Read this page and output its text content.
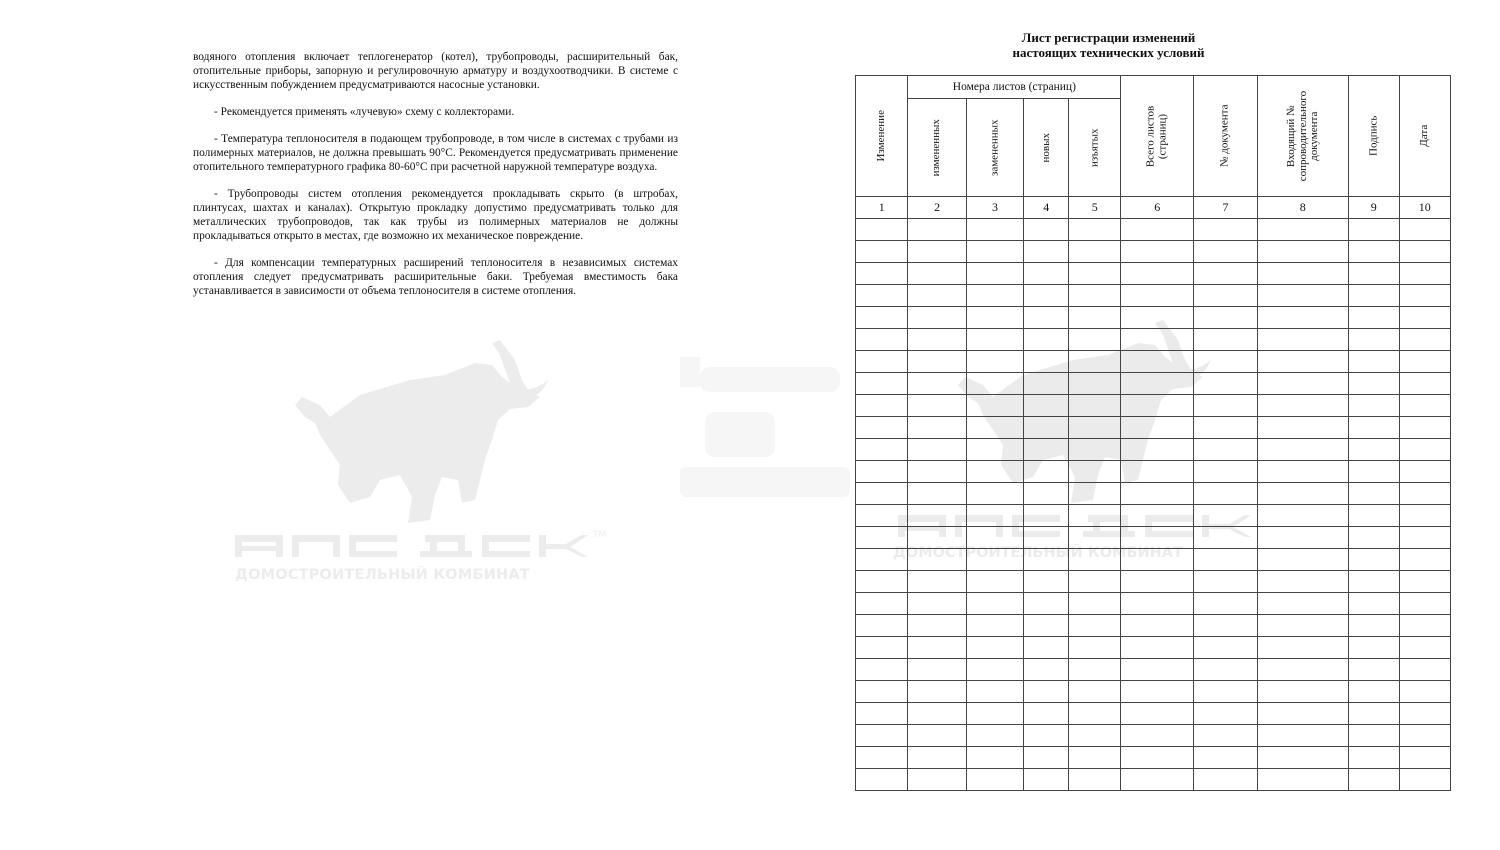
ДОМОСТРОИТЕЛЬНЫЙ КОМБИНАТ
TM

водяного отопления включает теплогенератор (котел), трубопроводы, расширительный бак, отопительные приборы, запорную и регулировочную арматуру и воздухоотводчики. В системе с искусственным побуждением предусматриваются насосные установки.

- Рекомендуется применять «лучевую» схему с коллекторами.

- Температура теплоносителя в подающем трубопроводе, в том числе в системах с трубами из полимерных материалов, не должна превышать 90°С. Рекомендуется предусматривать применение отопительного температурного графика 80-60°С при расчетной наружной температуре воздуха.

- Трубопроводы систем отопления рекомендуется прокладывать скрыто (в штробах, плинтусах, шахтах и каналах). Открытую прокладку допустимо предусматривать только для металлических трубопроводов, так как трубы из полимерных материалов не должны прокладываться открыто в местах, где возможно их механическое повреждение.

- Для компенсации температурных расширений теплоносителя в независимых системах отопления следует предусматривать расширительные баки. Требуемая вместимость бака устанавливается в зависимости от объема теплоносителя в системе отопления.

ДОМОСТРОИТЕЛЬНЫЙ КОМБИНАТ
Лист регистрации изменений
настоящих технических условий
Изменение	Номера листов (страниц)				Всего листов (страниц)	№ документа	Входящий № сопроводительного документа	Подпись	Дата

	измененных	замененных	новых	изъятых					

1	2	3	4	5	6	7	8	9	10
